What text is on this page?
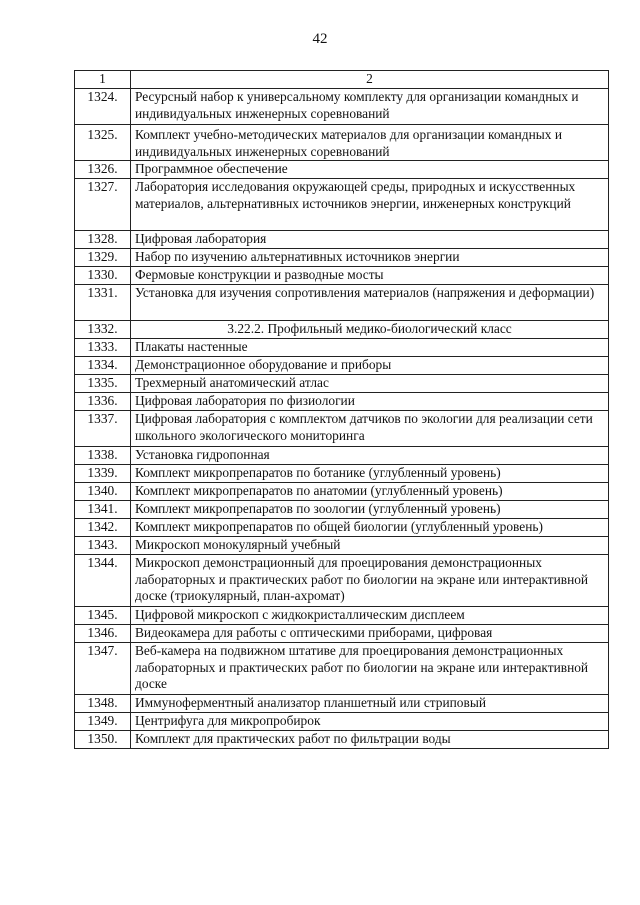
42
1	2
1324.	Ресурсный набор к универсальному комплекту для организации командных и индивидуальных инженерных соревнований
1325.	Комплект учебно-методических материалов для организации командных и индивидуальных инженерных соревнований
1326.	Программное обеспечение
1327.	Лаборатория исследования окружающей среды, природных и искусственных материалов, альтернативных источников энергии, инженерных конструкций
1328.	Цифровая лаборатория
1329.	Набор по изучению альтернативных источников энергии
1330.	Фермовые конструкции и разводные мосты
1331.	Установка для изучения сопротивления материалов (напряжения и деформации)
1332.	3.22.2. Профильный медико-биологический класс
1333.	Плакаты настенные
1334.	Демонстрационное оборудование и приборы
1335.	Трехмерный анатомический атлас
1336.	Цифровая лаборатория по физиологии
1337.	Цифровая лаборатория с комплектом датчиков по экологии для реализации сети школьного экологического мониторинга
1338.	Установка гидропонная
1339.	Комплект микропрепаратов по ботанике (углубленный уровень)
1340.	Комплект микропрепаратов по анатомии (углубленный уровень)
1341.	Комплект микропрепаратов по зоологии (углубленный уровень)
1342.	Комплект микропрепаратов по общей биологии (углубленный уровень)
1343.	Микроскоп монокулярный учебный
1344.	Микроскоп демонстрационный для проецирования демонстрационных лабораторных и практических работ по биологии на экране или интерактивной доске (триокулярный, план-ахромат)
1345.	Цифровой микроскоп с жидкокристаллическим дисплеем
1346.	Видеокамера для работы с оптическими приборами, цифровая
1347.	Веб-камера на подвижном штативе для проецирования демонстрационных лабораторных и практических работ по биологии на экране или интерактивной доске
1348.	Иммуноферментный анализатор планшетный или стриповый
1349.	Центрифуга для микропробирок
1350.	Комплект для практических работ по фильтрации воды
